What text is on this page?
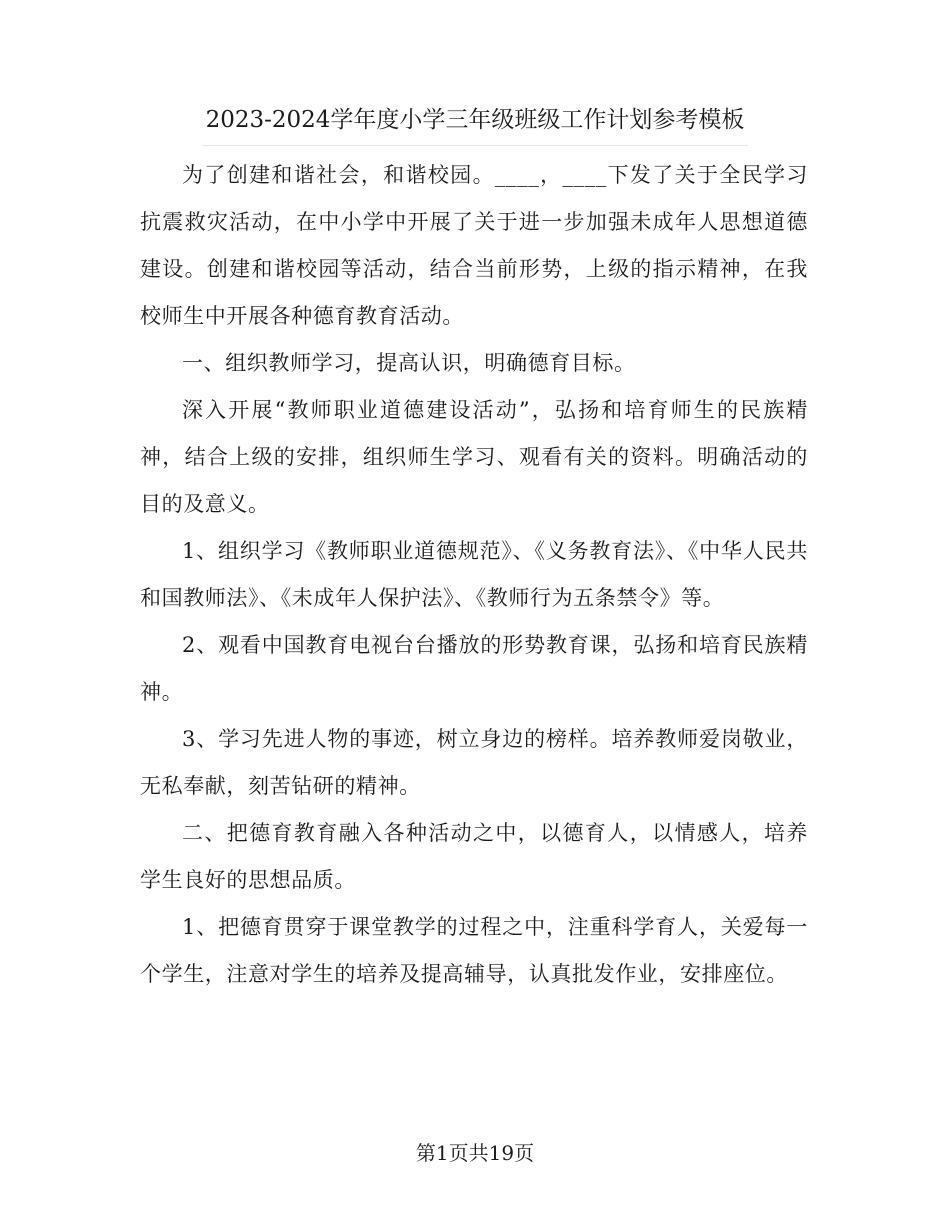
2023-2024学年度小学三年级班级工作计划参考模板

为了创建和谐社会，和谐校园。____，____下发了关于全民学习抗震救灾活动，在中小学中开展了关于进一步加强未成年人思想道德建设。创建和谐校园等活动，结合当前形势，上级的指示精神，在我校师生中开展各种德育教育活动。

一、组织教师学习，提高认识，明确德育目标。

深入开展“教师职业道德建设活动”，弘扬和培育师生的民族精神，结合上级的安排，组织师生学习、观看有关的资料。明确活动的目的及意义。

1、组织学习《教师职业道德规范》、《义务教育法》、《中华人民共和国教师法》、《未成年人保护法》、《教师行为五条禁令》等。

2、观看中国教育电视台台播放的形势教育课，弘扬和培育民族精神。

3、学习先进人物的事迹，树立身边的榜样。培养教师爱岗敬业，无私奉献，刻苦钻研的精神。

二、把德育教育融入各种活动之中，以德育人，以情感人，培养学生良好的思想品质。

1、把德育贯穿于课堂教学的过程之中，注重科学育人，关爱每一个学生，注意对学生的培养及提高辅导，认真批发作业，安排座位。

第1页共19页
